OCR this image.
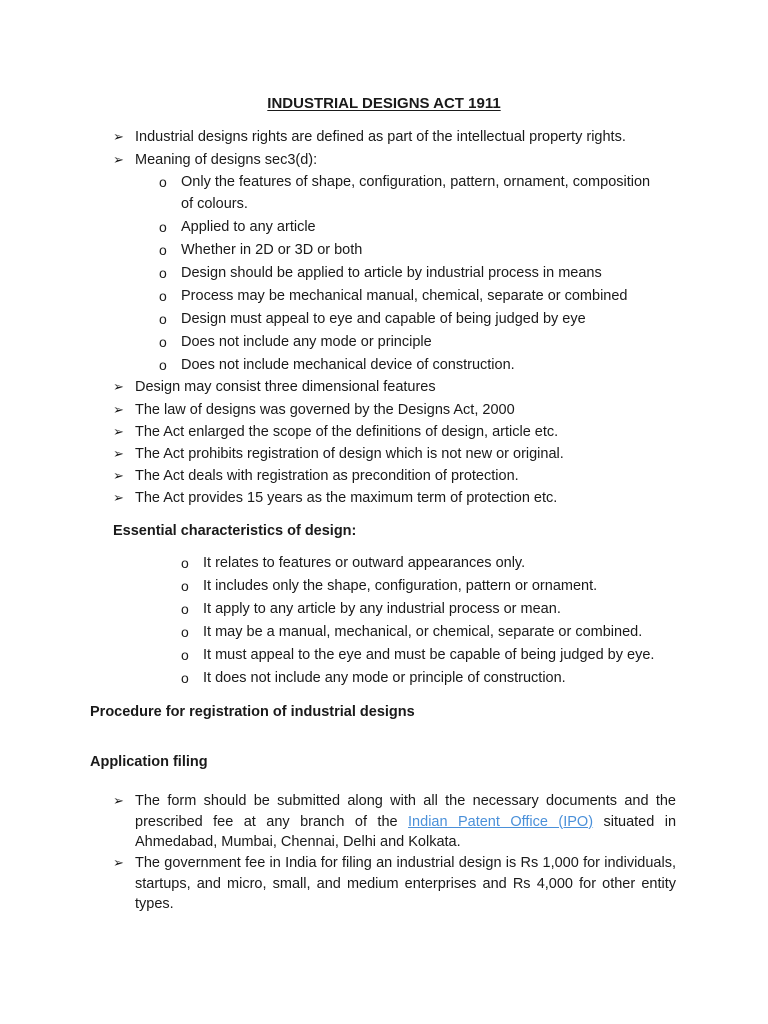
INDUSTRIAL DESIGNS ACT 1911
➢ Industrial designs rights are defined as part of the intellectual property rights.
➢ Meaning of designs sec3(d):
o Only the features of shape, configuration, pattern, ornament, composition
of colours.
o Applied to any article
o Whether in 2D or 3D or both
o Design should be applied to article by industrial process in means
o Process may be mechanical manual, chemical, separate or combined
o Design must appeal to eye and capable of being judged by eye
o Does not include any mode or principle
o Does not include mechanical device of construction.
➢ Design may consist three dimensional features
➢ The law of designs was governed by the Designs Act, 2000
➢ The Act enlarged the scope of the definitions of design, article etc.
➢ The Act prohibits registration of design which is not new or original.
➢ The Act deals with registration as precondition of protection.
➢ The Act provides 15 years as the maximum term of protection etc.
Essential characteristics of design:
o It relates to features or outward appearances only.
o It includes only the shape, configuration, pattern or ornament.
o It apply to any article by any industrial process or mean.
o It may be a manual, mechanical, or chemical, separate or combined.
o It must appeal to the eye and must be capable of being judged by eye.
o It does not include any mode or principle of construction.
Procedure for registration of industrial designs
Application filing
➢ The form should be submitted along with all the necessary documents and the prescribed fee at any branch of the Indian Patent Office (IPO) situated in Ahmedabad, Mumbai, Chennai, Delhi and Kolkata.
➢ The government fee in India for filing an industrial design is Rs 1,000 for individuals, startups, and micro, small, and medium enterprises and Rs 4,000 for other entity types.
